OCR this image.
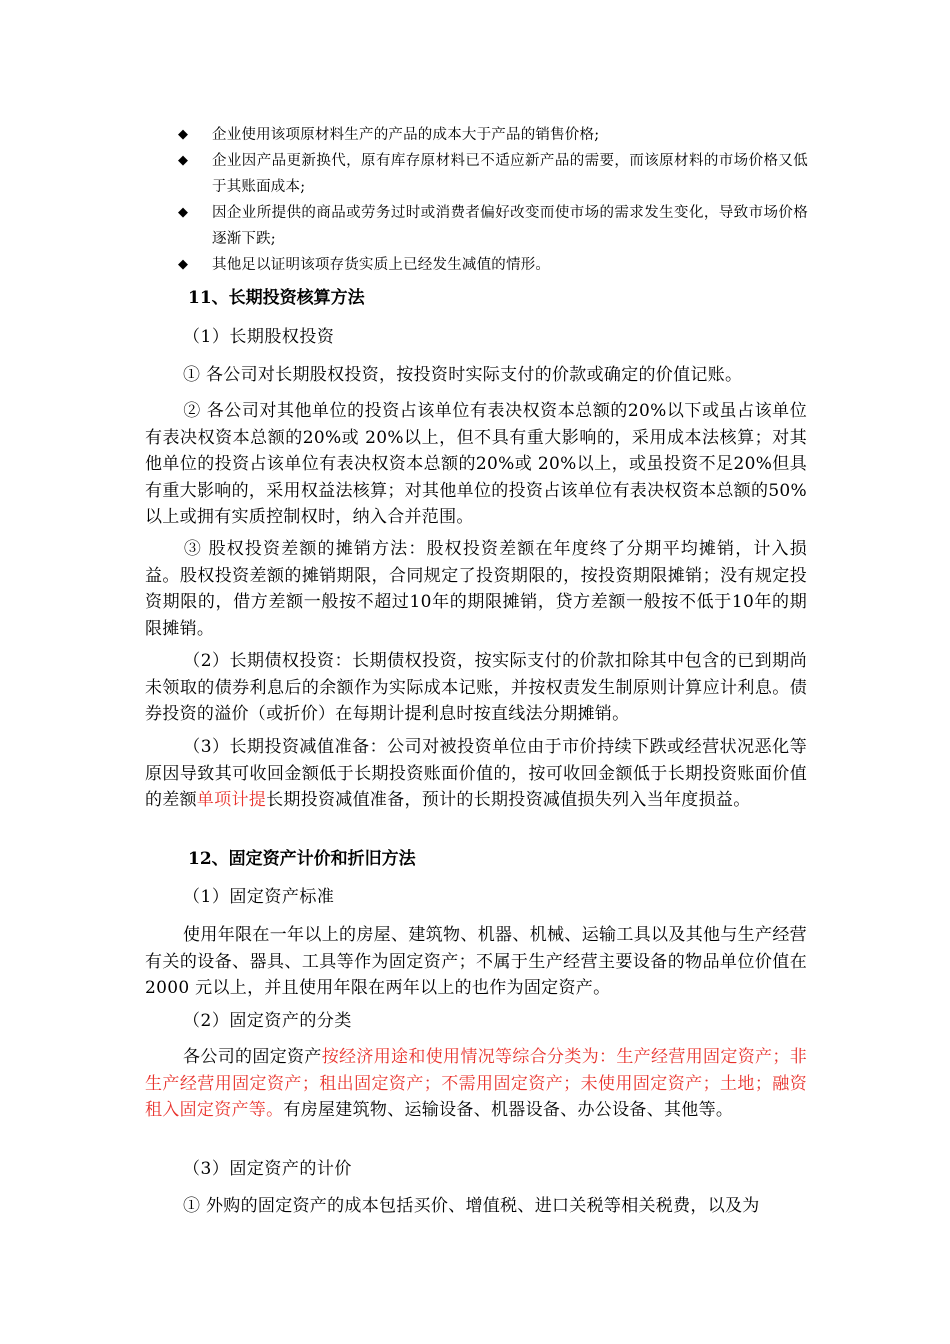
◆	企业使用该项原材料生产的产品的成本大于产品的销售价格;
◆	企业因产品更新换代，原有库存原材料已不适应新产品的需要，而该原材料的市场价格又低于其账面成本;
◆	因企业所提供的商品或劳务过时或消费者偏好改变而使市场的需求发生变化，导致市场价格逐渐下跌;
◆	其他足以证明该项存货实质上已经发生减值的情形。
11、长期投资核算方法
（1）长期股权投资
① 各公司对长期股权投资，按投资时实际支付的价款或确定的价值记账。
② 各公司对其他单位的投资占该单位有表决权资本总额的20%以下或虽占该单位有表决权资本总额的20%或 20%以上，但不具有重大影响的，采用成本法核算；对其他单位的投资占该单位有表决权资本总额的20%或 20%以上，或虽投资不足20%但具有重大影响的，采用权益法核算；对其他单位的投资占该单位有表决权资本总额的50%以上或拥有实质控制权时，纳入合并范围。
③ 股权投资差额的摊销方法：股权投资差额在年度终了分期平均摊销，计入损益。股权投资差额的摊销期限，合同规定了投资期限的，按投资期限摊销；没有规定投资期限的，借方差额一般按不超过10年的期限摊销，贷方差额一般按不低于10年的期限摊销。
（2）长期债权投资：长期债权投资，按实际支付的价款扣除其中包含的已到期尚未领取的债券利息后的余额作为实际成本记账，并按权责发生制原则计算应计利息。债券投资的溢价（或折价）在每期计提利息时按直线法分期摊销。
（3）长期投资减值准备：公司对被投资单位由于市价持续下跌或经营状况恶化等原因导致其可收回金额低于长期投资账面价值的，按可收回金额低于长期投资账面价值的差额单项计提长期投资减值准备，预计的长期投资减值损失列入当年度损益。
12、固定资产计价和折旧方法
（1）固定资产标准
使用年限在一年以上的房屋、建筑物、机器、机械、运输工具以及其他与生产经营有关的设备、器具、工具等作为固定资产；不属于生产经营主要设备的物品单位价值在2000 元以上，并且使用年限在两年以上的也作为固定资产。
（2）固定资产的分类
各公司的固定资产按经济用途和使用情况等综合分类为：生产经营用固定资产；非生产经营用固定资产；租出固定资产；不需用固定资产；未使用固定资产；土地；融资租入固定资产等。有房屋建筑物、运输设备、机器设备、办公设备、其他等。
（3）固定资产的计价
① 外购的固定资产的成本包括买价、增值税、进口关税等相关税费，以及为
